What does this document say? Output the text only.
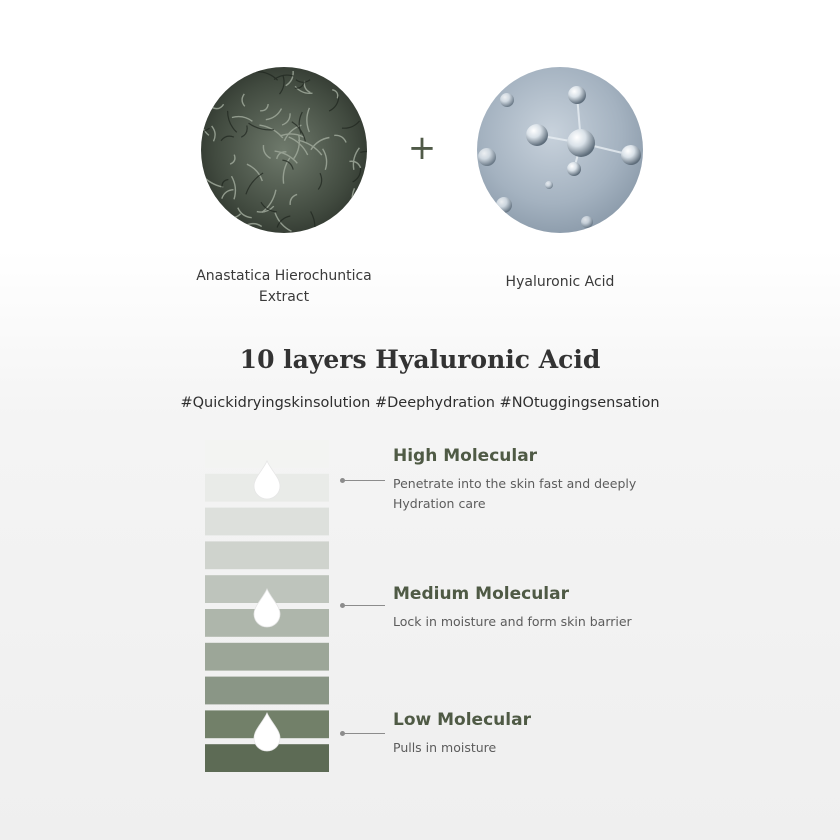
+
Anastatica Hierochuntica
Extract
Hyaluronic Acid
10 layers Hyaluronic Acid
#Quickidryingskinsolution #Deephydration #NOtuggingsensation
High Molecular
Penetrate into the skin fast and deeply
Hydration care
Medium Molecular
Lock in moisture and form skin barrier
Low Molecular
Pulls in moisture
